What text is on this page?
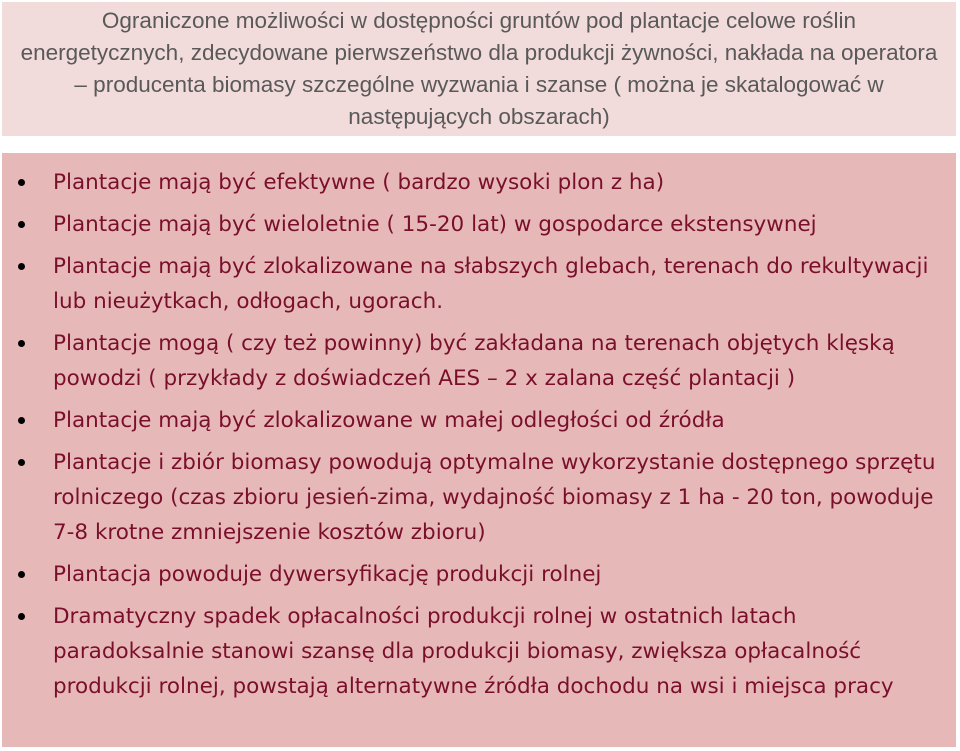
Ograniczone możliwości w dostępności gruntów pod plantacje celowe roślin energetycznych, zdecydowane pierwszeństwo dla produkcji żywności, nakłada na operatora – producenta biomasy szczególne wyzwania i szanse ( można je skatalogować w następujących obszarach)

Plantacje mają być efektywne ( bardzo wysoki plon z ha)
Plantacje mają być wieloletnie ( 15-20 lat) w gospodarce ekstensywnej
Plantacje mają być zlokalizowane na słabszych glebach, terenach do rekultywacji lub nieużytkach, odłogach, ugorach.
Plantacje mogą ( czy też powinny) być zakładana na terenach objętych klęską powodzi ( przykłady z doświadczeń AES – 2 x zalana część plantacji )
Plantacje mają być zlokalizowane w małej odległości od źródła
Plantacje i zbiór biomasy powodują optymalne wykorzystanie dostępnego sprzętu rolniczego (czas zbioru jesień-zima, wydajność biomasy z 1 ha - 20 ton, powoduje 7-8 krotne zmniejszenie kosztów zbioru)
Plantacja powoduje dywersyfikację produkcji rolnej
Dramatyczny spadek opłacalności produkcji rolnej w ostatnich latach paradoksalnie stanowi szansę dla produkcji biomasy, zwiększa opłacalność produkcji rolnej, powstają alternatywne źródła dochodu na wsi i miejsca pracy
